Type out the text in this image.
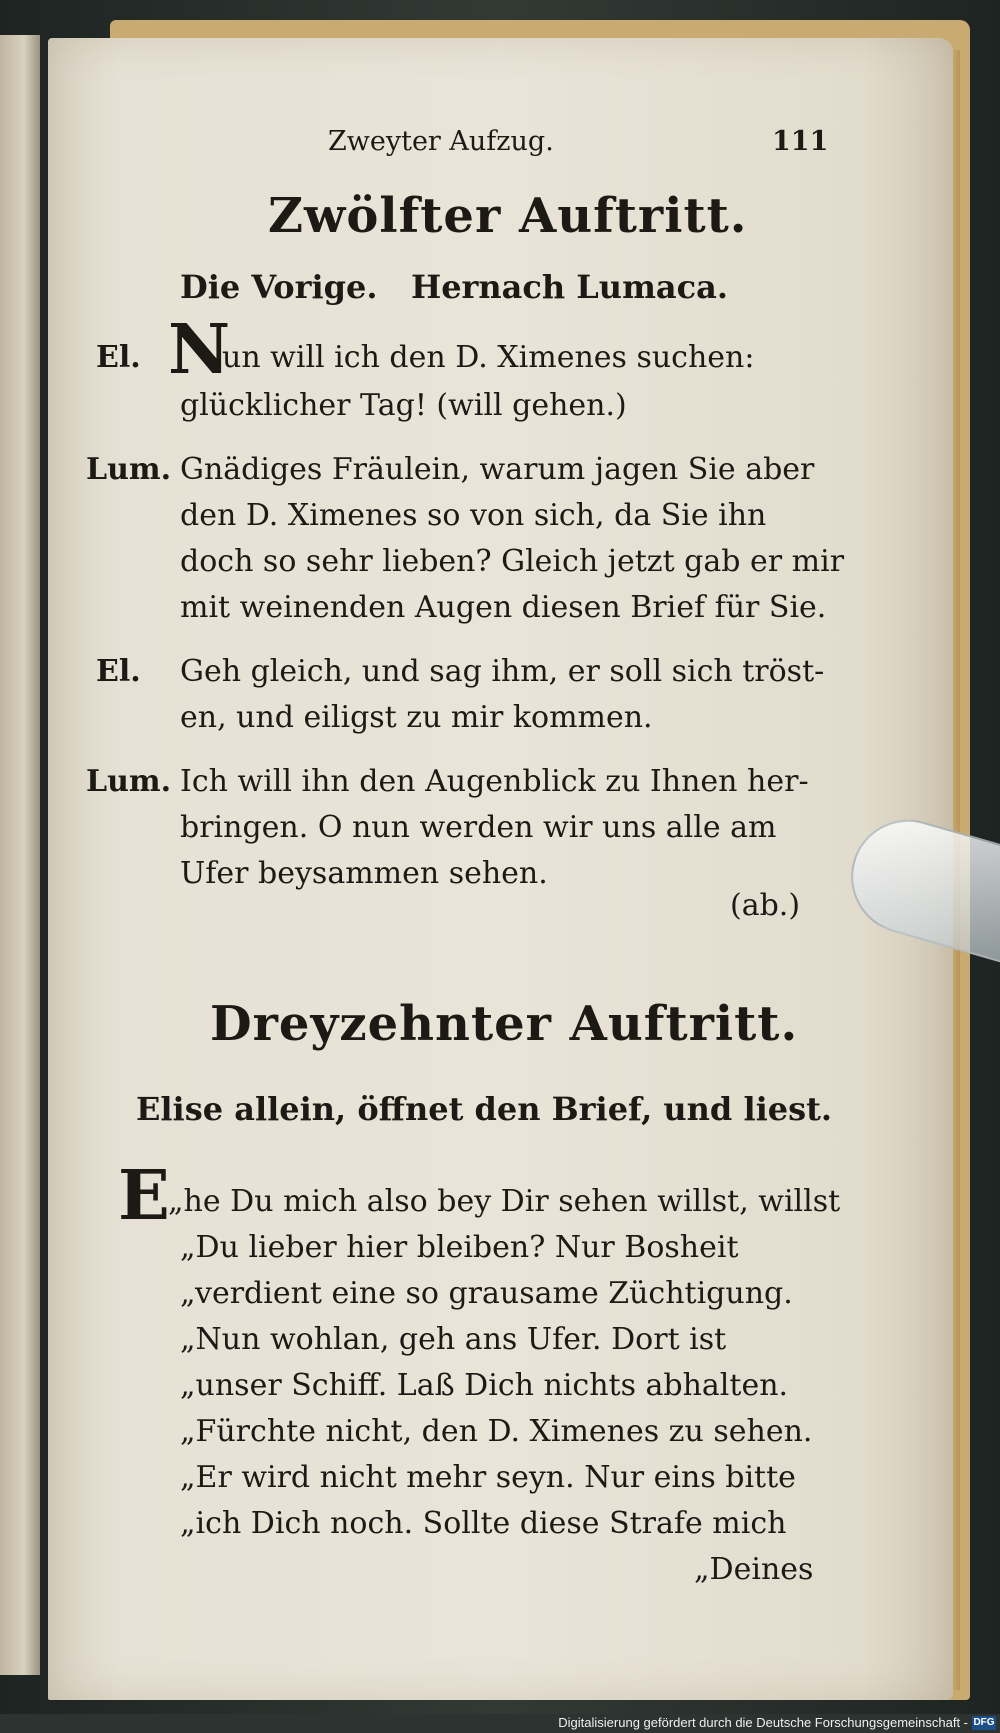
Zweyter Aufzug.	111

Zwölfter Auftritt.

Die Vorige.   Hernach Lumaca.

El. N

un will ich den D. Ximenes suchen:

glücklicher Tag! (will gehen.)

Lum. Gnädiges Fräulein, warum jagen Sie aber

den D. Ximenes so von sich, da Sie ihn

doch so sehr lieben? Gleich jetzt gab er mir

mit weinenden Augen diesen Brief für Sie.

El. Geh gleich, und sag ihm, er soll sich tröst-

en, und eiligst zu mir kommen.

Lum. Ich will ihn den Augenblick zu Ihnen her-

bringen. O nun werden wir uns alle am

Ufer beysammen sehen.

(ab.)

Dreyzehnter Auftritt.

Elise allein, öffnet den Brief, und liest.

E

„he Du mich also bey Dir sehen willst, willst

„Du lieber hier bleiben? Nur Bosheit

„verdient eine so grausame Züchtigung.

„Nun wohlan, geh ans Ufer. Dort ist

„unser Schiff. Laß Dich nichts abhalten.

„Fürchte nicht, den D. Ximenes zu sehen.

„Er wird nicht mehr seyn. Nur eins bitte

„ich Dich noch. Sollte diese Strafe mich

„Deines

Digitalisierung gefördert durch die Deutsche Forschungsgemeinschaft - DFG
